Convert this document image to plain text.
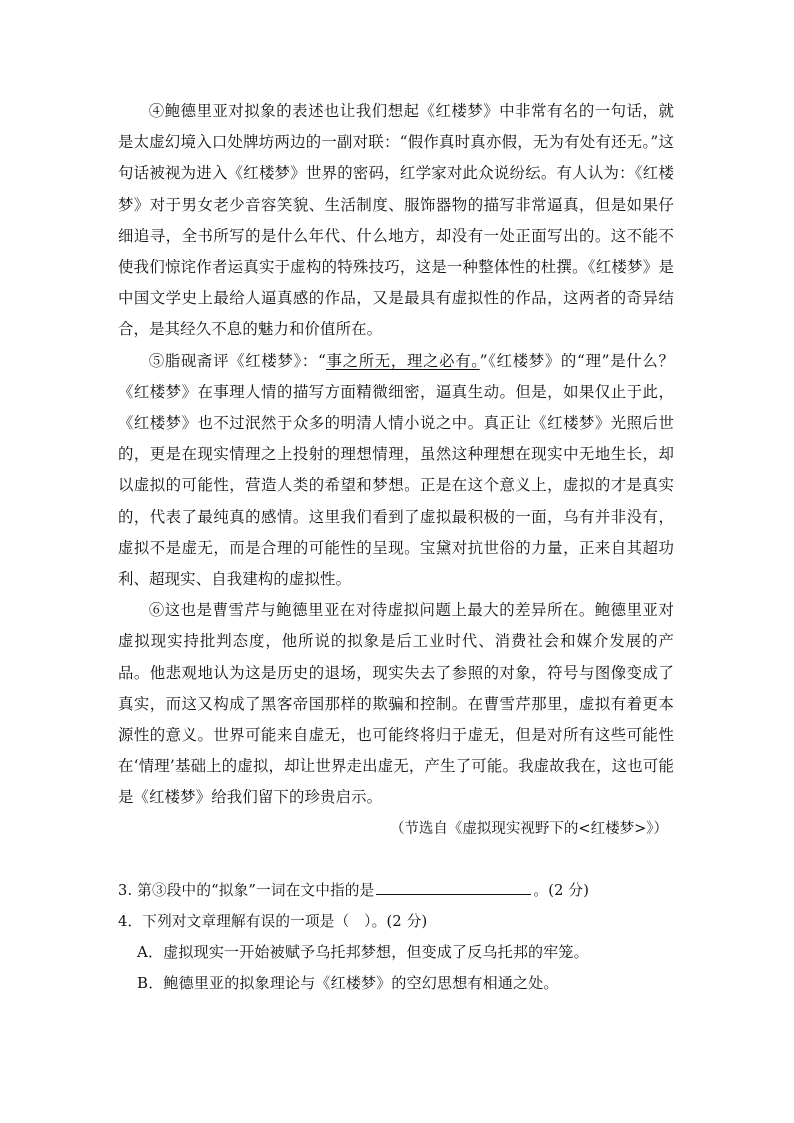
④鲍德里亚对拟象的表述也让我们想起《红楼梦》中非常有名的一句话，就是太虚幻境入口处牌坊两边的一副对联：“假作真时真亦假，无为有处有还无。”这句话被视为进入《红楼梦》世界的密码，红学家对此众说纷纭。有人认为：《红楼梦》对于男女老少音容笑貌、生活制度、服饰器物的描写非常逼真，但是如果仔细追寻，全书所写的是什么年代、什么地方，却没有一处正面写出的。这不能不使我们惊诧作者运真实于虚构的特殊技巧，这是一种整体性的杜撰。《红楼梦》是中国文学史上最给人逼真感的作品，又是最具有虚拟性的作品，这两者的奇异结合，是其经久不息的魅力和价值所在。

⑤脂砚斋评《红楼梦》：“事之所无，理之必有。”《红楼梦》的“理”是什么？《红楼梦》在事理人情的描写方面精微细密，逼真生动。但是，如果仅止于此，《红楼梦》也不过泯然于众多的明清人情小说之中。真正让《红楼梦》光照后世的，更是在现实情理之上投射的理想情理，虽然这种理想在现实中无地生长，却以虚拟的可能性，营造人类的希望和梦想。正是在这个意义上，虚拟的才是真实的，代表了最纯真的感情。这里我们看到了虚拟最积极的一面，乌有并非没有，虚拟不是虚无，而是合理的可能性的呈现。宝黛对抗世俗的力量，正来自其超功利、超现实、自我建构的虚拟性。

⑥这也是曹雪芹与鲍德里亚在对待虚拟问题上最大的差异所在。鲍德里亚对虚拟现实持批判态度，他所说的拟象是后工业时代、消费社会和媒介发展的产品。他悲观地认为这是历史的退场，现实失去了参照的对象，符号与图像变成了真实，而这又构成了黑客帝国那样的欺骗和控制。在曹雪芹那里，虚拟有着更本源性的意义。世界可能来自虚无，也可能终将归于虚无，但是对所有这些可能性在‘情理’基础上的虚拟，却让世界走出虚无，产生了可能。我虚故我在，这也可能是《红楼梦》给我们留下的珍贵启示。

（节选自《虚拟现实视野下的<红楼梦>》）

3. 第③段中的“拟象”一词在文中指的是	。(2 分)

4．下列对文章理解有误的一项是（　）。(2 分)

A．虚拟现实一开始被赋予乌托邦梦想，但变成了反乌托邦的牢笼。

B．鲍德里亚的拟象理论与《红楼梦》的空幻思想有相通之处。
